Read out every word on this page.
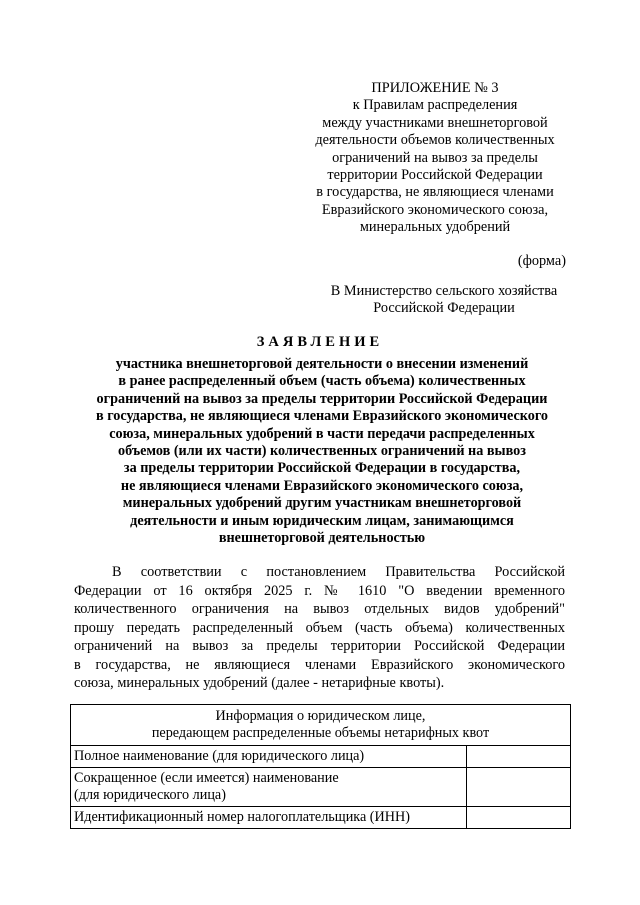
ПРИЛОЖЕНИЕ № 3
к Правилам распределения
между участниками внешнеторговой
деятельности объемов количественных
ограничений на вывоз за пределы
территории Российской Федерации
в государства, не являющиеся членами
Евразийского экономического союза,
минеральных удобрений
(форма)
В Министерство сельского хозяйства
Российской Федерации
ЗАЯВЛЕНИЕ
участника внешнеторговой деятельности о внесении изменений
в ранее распределенный объем (часть объема) количественных
ограничений на вывоз за пределы территории Российской Федерации
в государства, не являющиеся членами Евразийского экономического
союза, минеральных удобрений в части передачи распределенных
объемов (или их части) количественных ограничений на вывоз
за пределы территории Российской Федерации в государства,
не являющиеся членами Евразийского экономического союза,
минеральных удобрений другим участникам внешнеторговой
деятельности и иным юридическим лицам, занимающимся
внешнеторговой деятельностью
В соответствии с постановлением Правительства Российской
Федерации от 16 октября 2025 г. № 1610 "О введении временного
количественного ограничения на вывоз отдельных видов удобрений"
прошу передать распределенный объем (часть объема) количественных
ограничений на вывоз за пределы территории Российской Федерации
в государства, не являющиеся членами Евразийского экономического
союза, минеральных удобрений (далее - нетарифные квоты).
Информация о юридическом лице,
передающем распределенные объемы нетарифных квот	

Полное наименование (для юридического лица)	

Сокращенное (если имеется) наименование
(для юридического лица)	

Идентификационный номер налогоплательщика (ИНН)	
